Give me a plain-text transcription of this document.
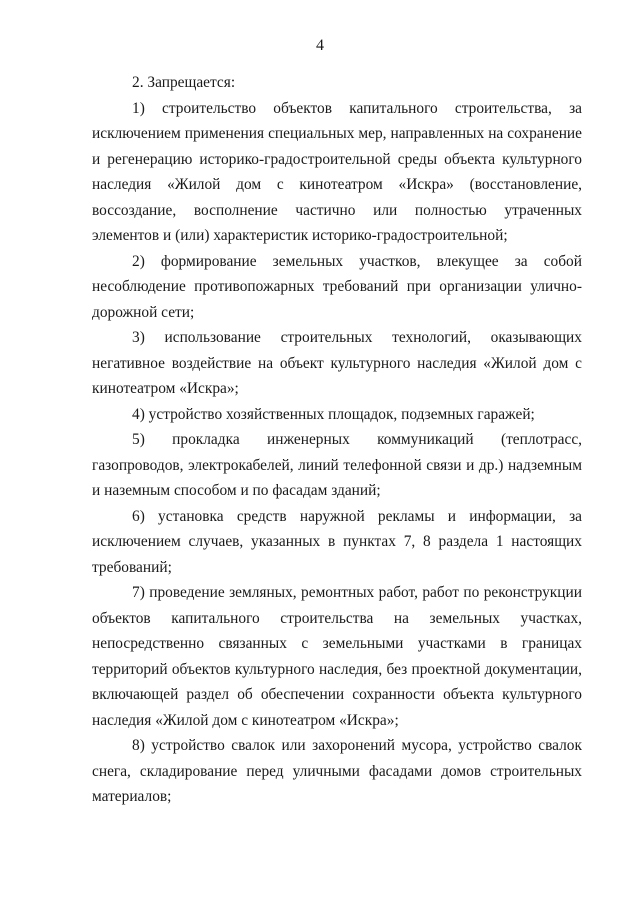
4

2. Запрещается:

1) строительство объектов капитального строительства, за исключением применения специальных мер, направленных на сохранение и регенерацию историко-градостроительной среды объекта культурного наследия «Жилой дом с кинотеатром «Искра» (восстановление, воссоздание, восполнение частично или полностью утраченных элементов и (или) характеристик историко-градостроительной;

2) формирование земельных участков, влекущее за собой несоблюдение противопожарных требований при организации улично-дорожной сети;

3) использование строительных технологий, оказывающих негативное воздействие на объект культурного наследия «Жилой дом с кинотеатром «Искра»;

4) устройство хозяйственных площадок, подземных гаражей;

5) прокладка инженерных коммуникаций (теплотрасс, газопроводов, электрокабелей, линий телефонной связи и др.) надземным и наземным способом и по фасадам зданий;

6) установка средств наружной рекламы и информации, за исключением случаев, указанных в пунктах 7, 8 раздела 1 настоящих требований;

7) проведение земляных, ремонтных работ, работ по реконструкции объектов капитального строительства на земельных участках, непосредственно связанных с земельными участками в границах территорий объектов культурного наследия, без проектной документации, включающей раздел об обеспечении сохранности объекта культурного наследия «Жилой дом с кинотеатром «Искра»;

8) устройство свалок или захоронений мусора, устройство свалок снега, складирование перед уличными фасадами домов строительных материалов;
